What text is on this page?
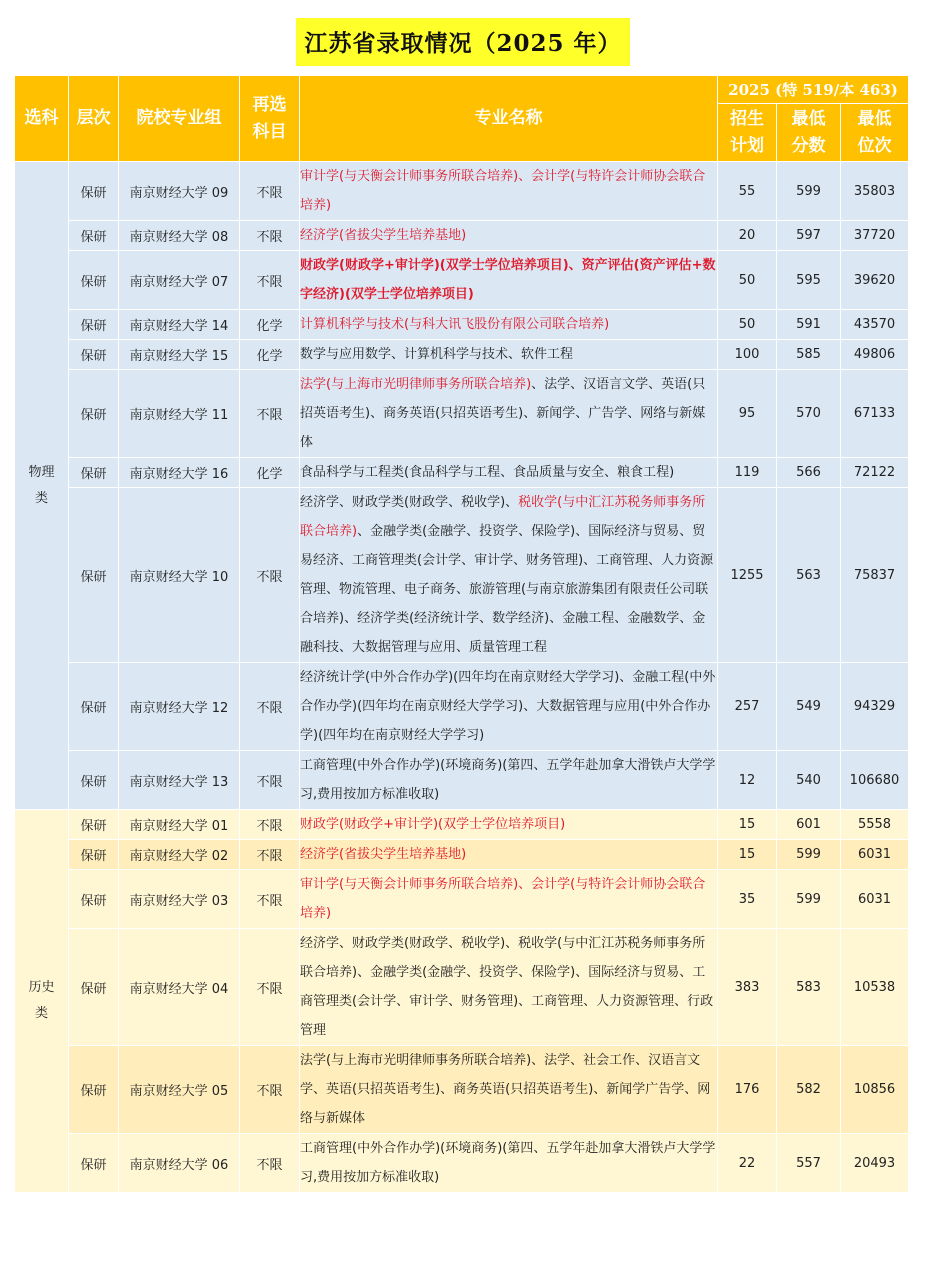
江苏省录取情况（2025 年）
选科	层次	院校专业组	再选科目	专业名称	2025 (特 519/本 463)		
					招生计划	最低分数	最低位次
物理类	保研	南京财经大学 09	不限	审计学(与天衡会计师事务所联合培养)、会计学(与特许会计师协会联合培养)	55	599	35803
	保研	南京财经大学 08	不限	经济学(省拔尖学生培养基地)	20	597	37720
	保研	南京财经大学 07	不限	财政学(财政学+审计学)(双学士学位培养项目)、资产评估(资产评估+数字经济)(双学士学位培养项目)	50	595	39620
	保研	南京财经大学 14	化学	计算机科学与技术(与科大讯飞股份有限公司联合培养)	50	591	43570
	保研	南京财经大学 15	化学	数学与应用数学、计算机科学与技术、软件工程	100	585	49806
	保研	南京财经大学 11	不限	法学(与上海市光明律师事务所联合培养)、法学、汉语言文学、英语(只招英语考生)、商务英语(只招英语考生)、新闻学、广告学、网络与新媒体	95	570	67133
	保研	南京财经大学 16	化学	食品科学与工程类(食品科学与工程、食品质量与安全、粮食工程)	119	566	72122
	保研	南京财经大学 10	不限	经济学、财政学类(财政学、税收学)、税收学(与中汇江苏税务师事务所联合培养)、金融学类(金融学、投资学、保险学)、国际经济与贸易、贸易经济、工商管理类(会计学、审计学、财务管理)、工商管理、人力资源管理、物流管理、电子商务、旅游管理(与南京旅游集团有限责任公司联合培养)、经济学类(经济统计学、数学经济)、金融工程、金融数学、金融科技、大数据管理与应用、质量管理工程	1255	563	75837
	保研	南京财经大学 12	不限	经济统计学(中外合作办学)(四年均在南京财经大学学习)、金融工程(中外合作办学)(四年均在南京财经大学学习)、大数据管理与应用(中外合作办学)(四年均在南京财经大学学习)	257	549	94329
	保研	南京财经大学 13	不限	工商管理(中外合作办学)(环境商务)(第四、五学年赴加拿大滑铁卢大学学习,费用按加方标准收取)	12	540	106680
历史类	保研	南京财经大学 01	不限	财政学(财政学+审计学)(双学士学位培养项目)	15	601	5558
	保研	南京财经大学 02	不限	经济学(省拔尖学生培养基地)	15	599	6031
	保研	南京财经大学 03	不限	审计学(与天衡会计师事务所联合培养)、会计学(与特许会计师协会联合培养)	35	599	6031
	保研	南京财经大学 04	不限	经济学、财政学类(财政学、税收学)、税收学(与中汇江苏税务师事务所联合培养)、金融学类(金融学、投资学、保险学)、国际经济与贸易、工商管理类(会计学、审计学、财务管理)、工商管理、人力资源管理、行政管理	383	583	10538
	保研	南京财经大学 05	不限	法学(与上海市光明律师事务所联合培养)、法学、社会工作、汉语言文学、英语(只招英语考生)、商务英语(只招英语考生)、新闻学广告学、网络与新媒体	176	582	10856
	保研	南京财经大学 06	不限	工商管理(中外合作办学)(环境商务)(第四、五学年赴加拿大滑铁卢大学学习,费用按加方标准收取)	22	557	20493
